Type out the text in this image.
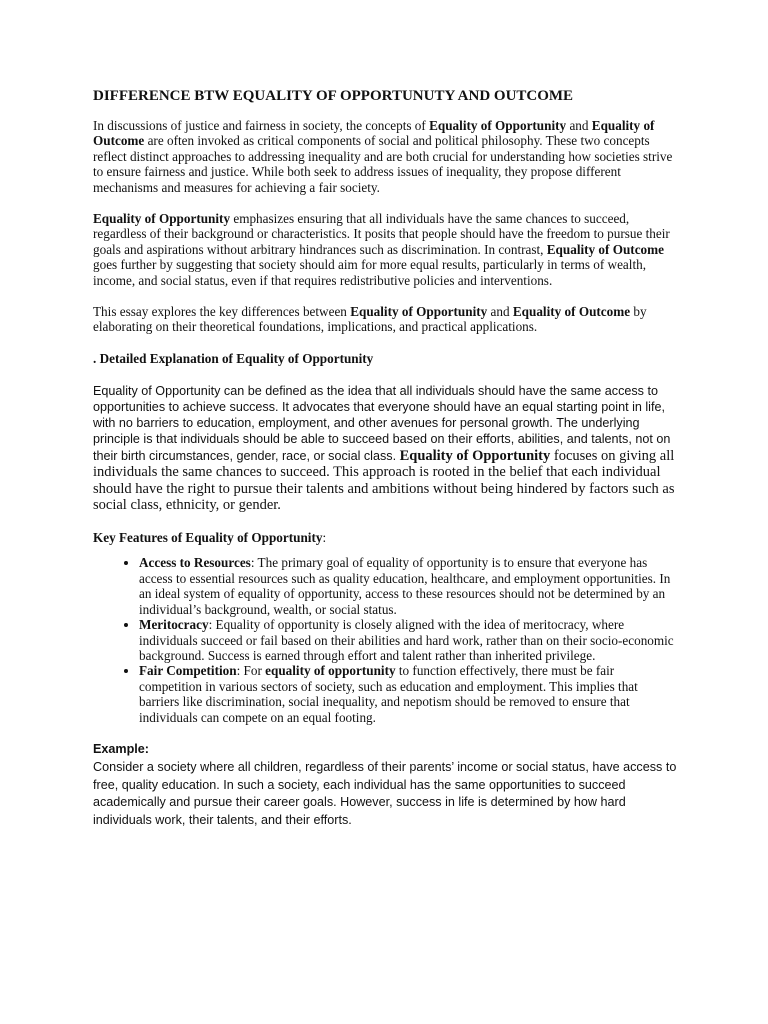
DIFFERENCE BTW EQUALITY OF OPPORTUNUTY AND OUTCOME

In discussions of justice and fairness in society, the concepts of Equality of Opportunity and Equality of Outcome are often invoked as critical components of social and political philosophy. These two concepts reflect distinct approaches to addressing inequality and are both crucial for understanding how societies strive to ensure fairness and justice. While both seek to address issues of inequality, they propose different mechanisms and measures for achieving a fair society.

Equality of Opportunity emphasizes ensuring that all individuals have the same chances to succeed, regardless of their background or characteristics. It posits that people should have the freedom to pursue their goals and aspirations without arbitrary hindrances such as discrimination. In contrast, Equality of Outcome goes further by suggesting that society should aim for more equal results, particularly in terms of wealth, income, and social status, even if that requires redistributive policies and interventions.

This essay explores the key differences between Equality of Opportunity and Equality of Outcome by elaborating on their theoretical foundations, implications, and practical applications.

. Detailed Explanation of Equality of Opportunity

Equality of Opportunity can be defined as the idea that all individuals should have the same access to opportunities to achieve success. It advocates that everyone should have an equal starting point in life, with no barriers to education, employment, and other avenues for personal growth. The underlying principle is that individuals should be able to succeed based on their efforts, abilities, and talents, not on their birth circumstances, gender, race, or social class. Equality of Opportunity focuses on giving all individuals the same chances to succeed. This approach is rooted in the belief that each individual should have the right to pursue their talents and ambitions without being hindered by factors such as social class, ethnicity, or gender.

Key Features of Equality of Opportunity:

• Access to Resources: The primary goal of equality of opportunity is to ensure that everyone has access to essential resources such as quality education, healthcare, and employment opportunities. In an ideal system of equality of opportunity, access to these resources should not be determined by an individual’s background, wealth, or social status.
• Meritocracy: Equality of opportunity is closely aligned with the idea of meritocracy, where individuals succeed or fail based on their abilities and hard work, rather than on their socio-economic background. Success is earned through effort and talent rather than inherited privilege.
• Fair Competition: For equality of opportunity to function effectively, there must be fair competition in various sectors of society, such as education and employment. This implies that barriers like discrimination, social inequality, and nepotism should be removed to ensure that individuals can compete on an equal footing.

Example:
Consider a society where all children, regardless of their parents’ income or social status, have access to free, quality education. In such a society, each individual has the same opportunities to succeed academically and pursue their career goals. However, success in life is determined by how hard individuals work, their talents, and their efforts.
